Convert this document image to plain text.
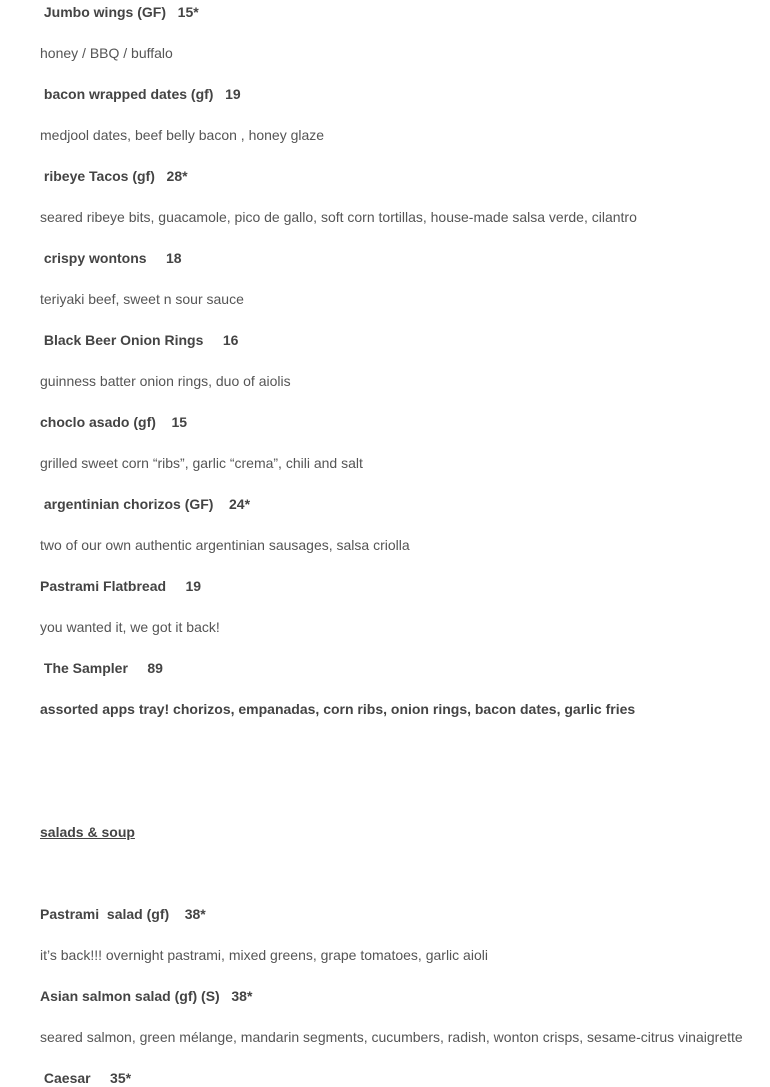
Jumbo wings (GF)   15*
honey / BBQ / buffalo
bacon wrapped dates (gf)   19
medjool dates, beef belly bacon , honey glaze
ribeye Tacos (gf)   28*
seared ribeye bits, guacamole, pico de gallo, soft corn tortillas, house-made salsa verde, cilantro
crispy wontons     18
teriyaki beef, sweet n sour sauce
Black Beer Onion Rings     16
guinness batter onion rings, duo of aiolis
choclo asado (gf)    15
grilled sweet corn “ribs”, garlic “crema”, chili and salt
argentinian chorizos (GF)    24*
two of our own authentic argentinian sausages, salsa criolla
Pastrami Flatbread     19
you wanted it, we got it back!
The Sampler     89
assorted apps tray! chorizos, empanadas, corn ribs, onion rings, bacon dates, garlic fries
salads & soup
Pastrami  salad (gf)    38*
it’s back!!! overnight pastrami, mixed greens, grape tomatoes, garlic aioli
Asian salmon salad (gf) (S)   38*
seared salmon, green mélange, mandarin segments, cucumbers, radish, wonton crisps, sesame-citrus vinaigrette
Caesar     35*
